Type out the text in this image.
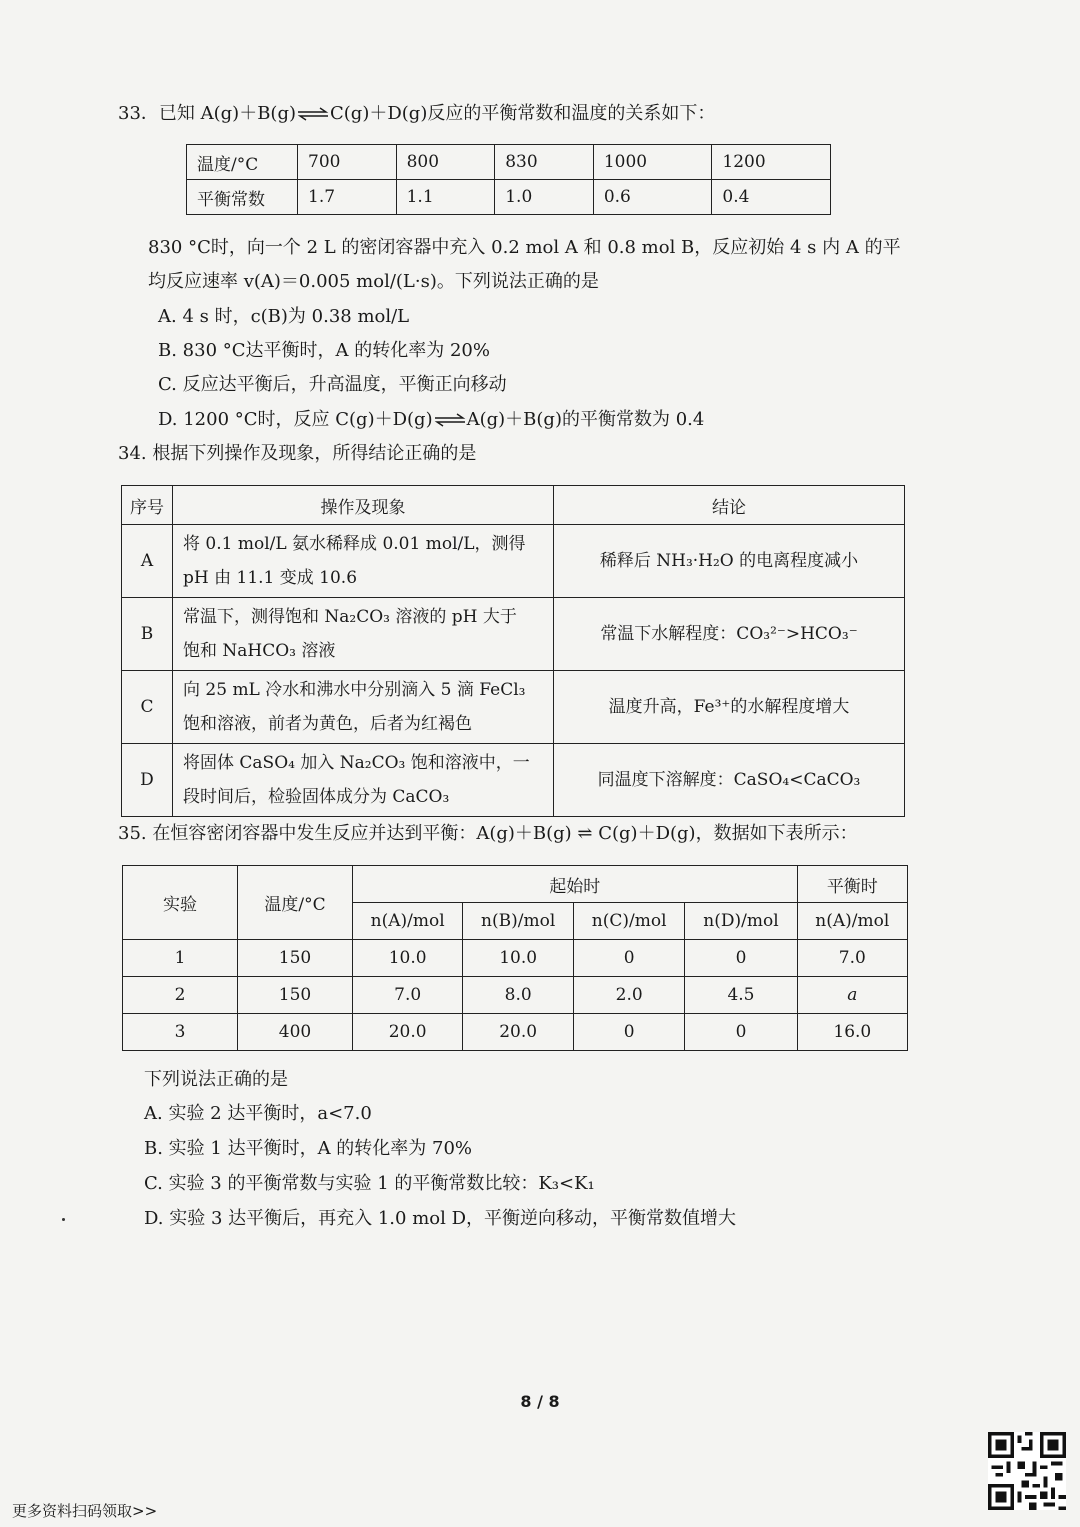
33．已知 A(g)＋B(g)⇌C(g)＋D(g)反应的平衡常数和温度的关系如下：
温度/°C	700	800	830	1000	1200
平衡常数	1.7	1.1	1.0	0.6	0.4
830 °C时，向一个 2 L 的密闭容器中充入 0.2 mol A 和 0.8 mol B，反应初始 4 s 内 A 的平
均反应速率 v(A)＝0.005 mol/(L·s)。下列说法正确的是
A. 4 s 时，c(B)为 0.38 mol/L
B. 830 °C达平衡时，A 的转化率为 20%
C. 反应达平衡后，升高温度，平衡正向移动
D. 1200 °C时，反应 C(g)＋D(g)⇌A(g)＋B(g)的平衡常数为 0.4
34. 根据下列操作及现象，所得结论正确的是
序号	操作及现象	结论
A	将 0.1 mol/L 氨水稀释成 0.01 mol/L，测得
pH 由 11.1 变成 10.6	稀释后 NH₃·H₂O 的电离程度减小
B	常温下，测得饱和 Na₂CO₃ 溶液的 pH 大于
饱和 NaHCO₃ 溶液	常温下水解程度：CO₃²⁻>HCO₃⁻
C	向 25 mL 冷水和沸水中分别滴入 5 滴 FeCl₃
饱和溶液，前者为黄色，后者为红褐色	温度升高，Fe³⁺的水解程度增大
D	将固体 CaSO₄ 加入 Na₂CO₃ 饱和溶液中，一
段时间后，检验固体成分为 CaCO₃	同温度下溶解度：CaSO₄<CaCO₃
35. 在恒容密闭容器中发生反应并达到平衡：A(g)＋B(g) ⇌ C(g)＋D(g)，数据如下表所示：
实验	温度/°C	起始时				平衡时
		n(A)/mol	n(B)/mol	n(C)/mol	n(D)/mol	n(A)/mol
1	150	10.0	10.0	0	0	7.0
2	150	7.0	8.0	2.0	4.5	a
3	400	20.0	20.0	0	0	16.0
下列说法正确的是
A. 实验 2 达平衡时，a<7.0
B. 实验 1 达平衡时，A 的转化率为 70%
C. 实验 3 的平衡常数与实验 1 的平衡常数比较：K₃<K₁
D. 实验 3 达平衡后，再充入 1.0 mol D，平衡逆向移动，平衡常数值增大
8 / 8
更多资料扫码领取>>
